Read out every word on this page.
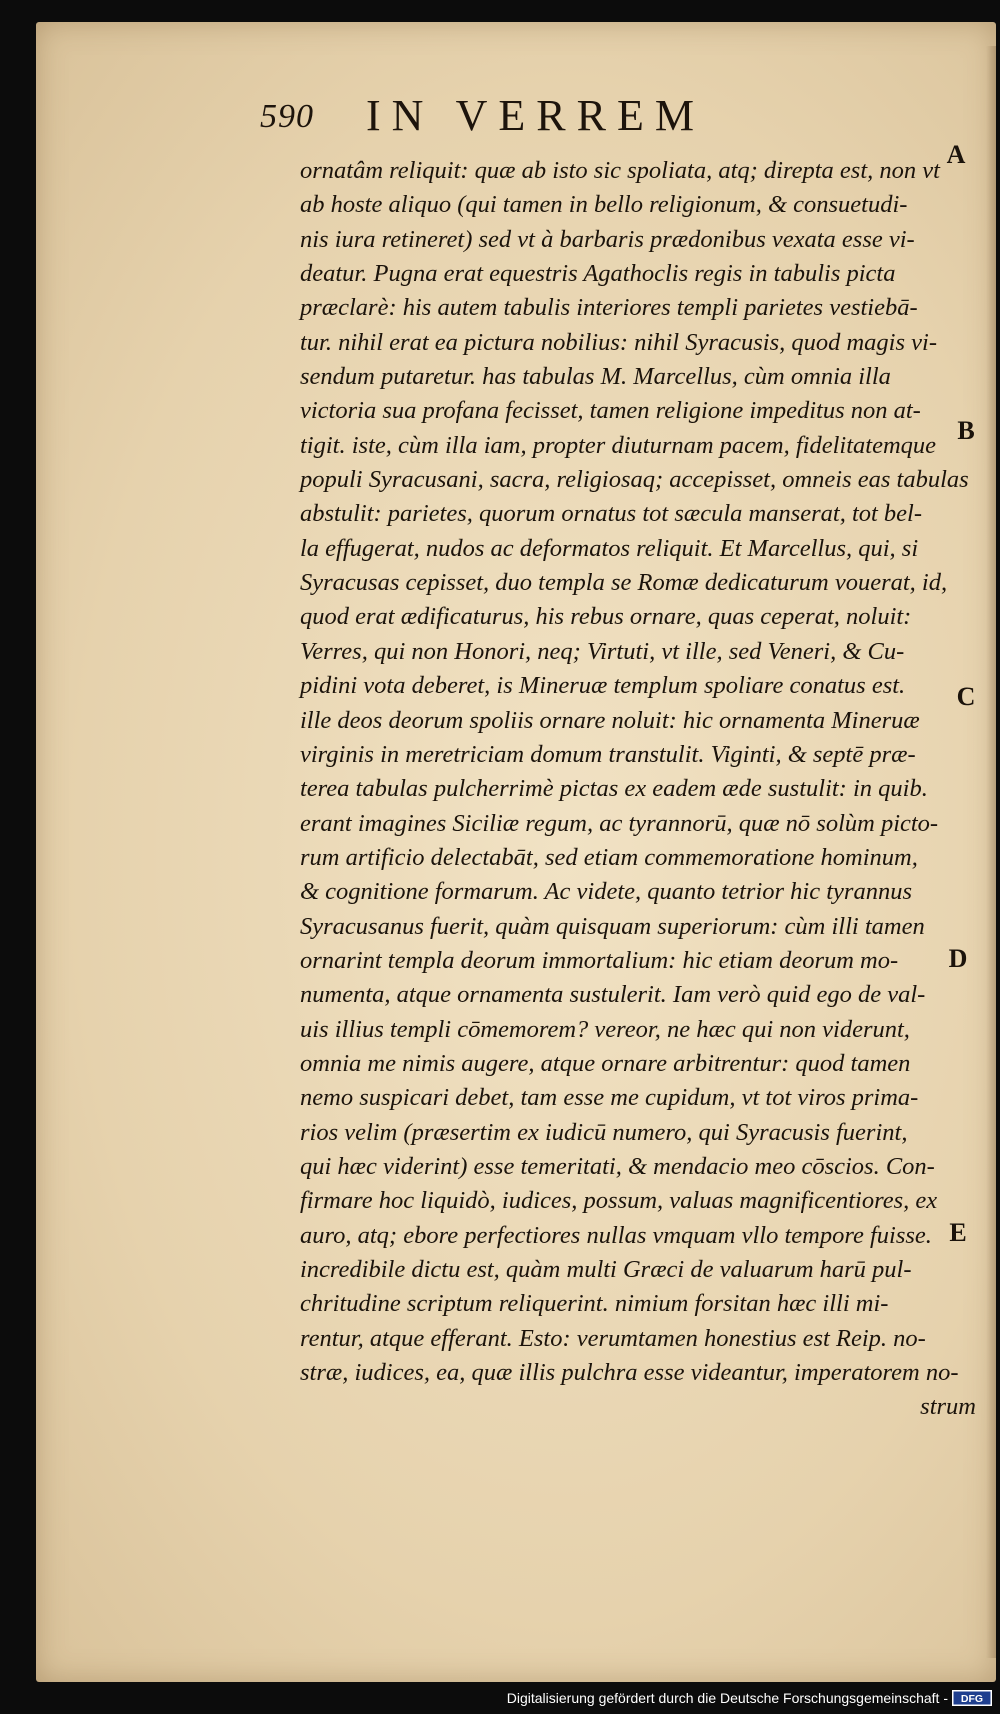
590 IN VERREM
ornatâm reliquit: quæ ab isto sic spoliata, atq; direpta est, non vt
ab hoste aliquo (qui tamen in bello religionum, & consuetudi-
nis iura retineret) sed vt à barbaris prædonibus vexata esse vi-
deatur. Pugna erat equestris Agathoclis regis in tabulis picta
præclarè: his autem tabulis interiores templi parietes vestiebā-
tur. nihil erat ea pictura nobilius: nihil Syracusis, quod magis vi-
sendum putaretur. has tabulas M. Marcellus, cùm omnia illa
victoria sua profana fecisset, tamen religione impeditus non at-
tigit. iste, cùm illa iam, propter diuturnam pacem, fidelitatemque
populi Syracusani, sacra, religiosaq; accepisset, omneis eas tabulas
abstulit: parietes, quorum ornatus tot sæcula manserat, tot bel-
la effugerat, nudos ac deformatos reliquit. Et Marcellus, qui, si
Syracusas cepisset, duo templa se Romæ dedicaturum vouerat, id,
quod erat ædificaturus, his rebus ornare, quas ceperat, noluit:
Verres, qui non Honori, neq; Virtuti, vt ille, sed Veneri, & Cu-
pidini vota deberet, is Mineruæ templum spoliare conatus est.
ille deos deorum spoliis ornare noluit: hic ornamenta Mineruæ
virginis in meretriciam domum transtulit. Viginti, & septē præ-
terea tabulas pulcherrimè pictas ex eadem æde sustulit: in quib.
erant imagines Siciliæ regum, ac tyrannorū, quæ nō solùm picto-
rum artificio delectabāt, sed etiam commemoratione hominum,
& cognitione formarum. Ac videte, quanto tetrior hic tyrannus
Syracusanus fuerit, quàm quisquam superiorum: cùm illi tamen
ornarint templa deorum immortalium: hic etiam deorum mo-
numenta, atque ornamenta sustulerit. Iam verò quid ego de val-
uis illius templi cōmemorem? vereor, ne hæc qui non viderunt,
omnia me nimis augere, atque ornare arbitrentur: quod tamen
nemo suspicari debet, tam esse me cupidum, vt tot viros prima-
rios velim (præsertim ex iudicū numero, qui Syracusis fuerint,
qui hæc viderint) esse temeritati, & mendacio meo cōscios. Con-
firmare hoc liquidò, iudices, possum, valuas magnificentiores, ex
auro, atq; ebore perfectiores nullas vmquam vllo tempore fuisse.
incredibile dictu est, quàm multi Græci de valuarum harū pul-
chritudine scriptum reliquerint. nimium forsitan hæc illi mi-
rentur, atque efferant. Esto: verumtamen honestius est Reip. no-
stræ, iudices, ea, quæ illis pulchra esse videantur, imperatorem no-
strum
A
B
C
D
E
Digitalisierung gefördert durch die Deutsche Forschungsgemeinschaft - DFG
